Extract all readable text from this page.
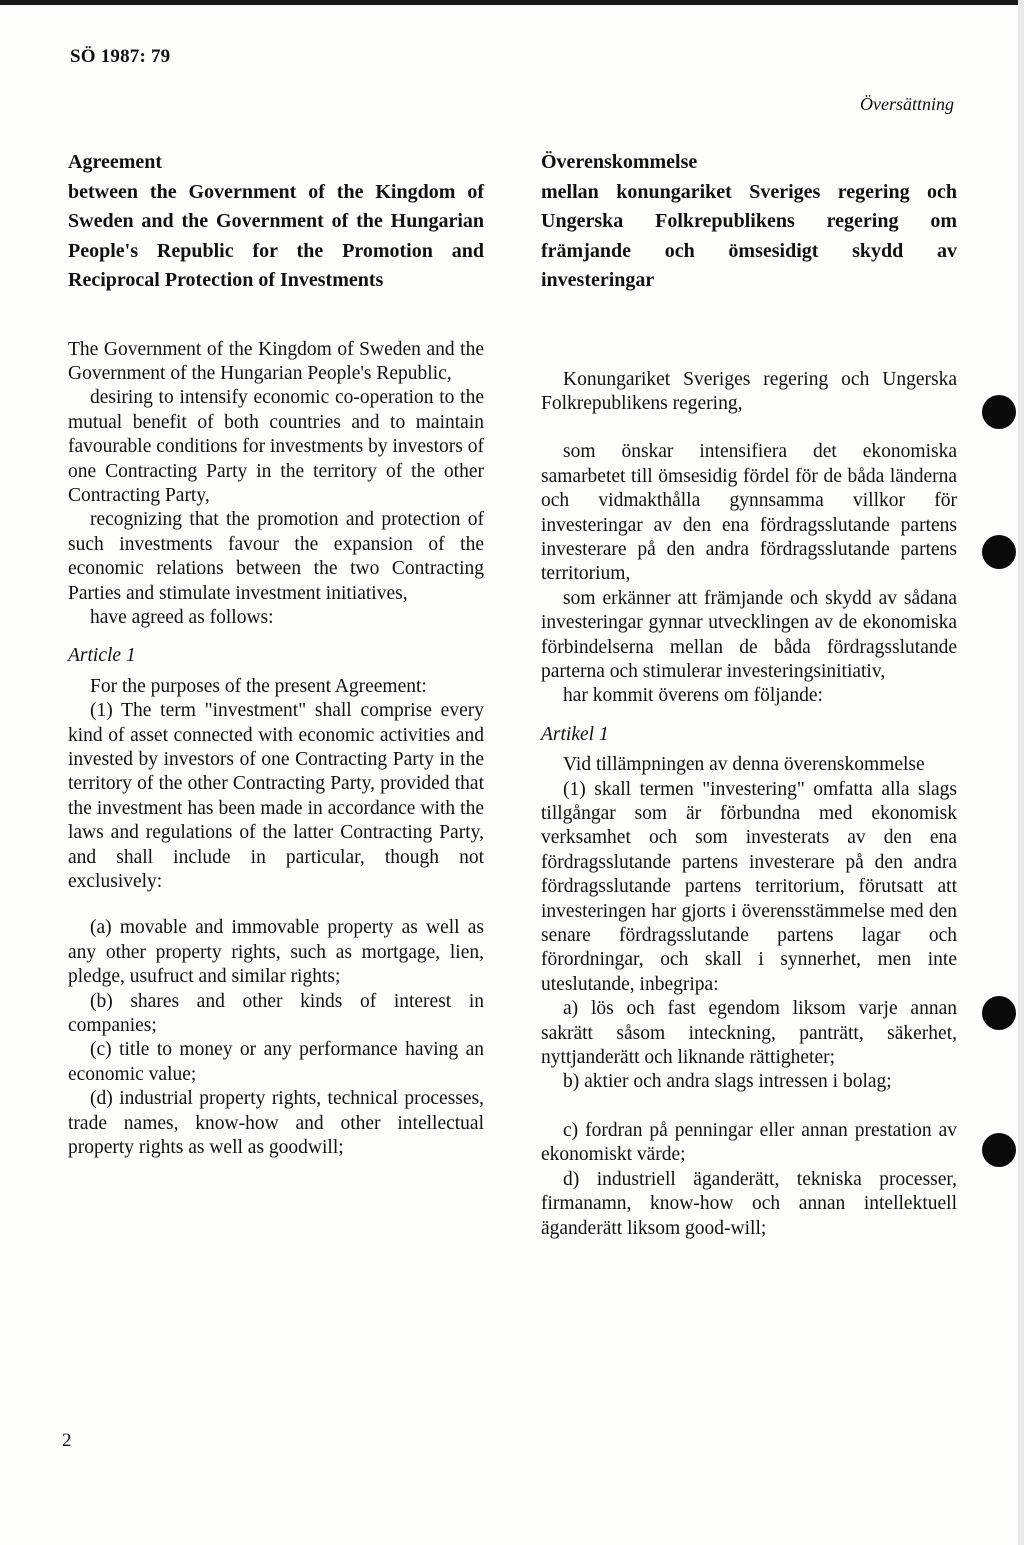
SÖ 1987: 79
Översättning
Agreement
between the Government of the Kingdom of Sweden and the Government of the Hungarian People's Republic for the Promotion and Reciprocal Protection of Investments

The Government of the Kingdom of Sweden and the Government of the Hungarian People's Republic,

desiring to intensify economic co-operation to the mutual benefit of both countries and to maintain favourable conditions for investments by investors of one Contracting Party in the territory of the other Contracting Party,

recognizing that the promotion and protection of such investments favour the expansion of the economic relations between the two Contracting Parties and stimulate investment initiatives,

have agreed as follows:

Article 1

For the purposes of the present Agreement:

(1) The term "investment" shall comprise every kind of asset connected with economic activities and invested by investors of one Contracting Party in the territory of the other Contracting Party, provided that the investment has been made in accordance with the laws and regulations of the latter Contracting Party, and shall include in particular, though not exclusively:

(a) movable and immovable property as well as any other property rights, such as mortgage, lien, pledge, usufruct and similar rights;

(b) shares and other kinds of interest in companies;

(c) title to money or any performance having an economic value;

(d) industrial property rights, technical processes, trade names, know-how and other intellectual property rights as well as goodwill;

Överenskommelse
mellan konungariket Sveriges regering och Ungerska Folkrepublikens regering om främjande och ömsesidigt skydd av investeringar

Konungariket Sveriges regering och Ungerska Folkrepublikens regering,

som önskar intensifiera det ekonomiska samarbetet till ömsesidig fördel för de båda länderna och vidmakthålla gynnsamma villkor för investeringar av den ena fördragsslutande partens investerare på den andra fördragsslutande partens territorium,

som erkänner att främjande och skydd av sådana investeringar gynnar utvecklingen av de ekonomiska förbindelserna mellan de båda fördragsslutande parterna och stimulerar investeringsinitiativ,

har kommit överens om följande:

Artikel 1

Vid tillämpningen av denna överenskommelse

(1) skall termen "investering" omfatta alla slags tillgångar som är förbundna med ekonomisk verksamhet och som investerats av den ena fördragsslutande partens investerare på den andra fördragsslutande partens territorium, förutsatt att investeringen har gjorts i överensstämmelse med den senare fördragsslutande partens lagar och förordningar, och skall i synnerhet, men inte uteslutande, inbegripa:

a) lös och fast egendom liksom varje annan sakrätt såsom inteckning, panträtt, säkerhet, nyttjanderätt och liknande rättigheter;

b) aktier och andra slags intressen i bolag;

c) fordran på penningar eller annan prestation av ekonomiskt värde;

d) industriell äganderätt, tekniska processer, firmanamn, know-how och annan intellektuell äganderätt liksom good-will;

2
